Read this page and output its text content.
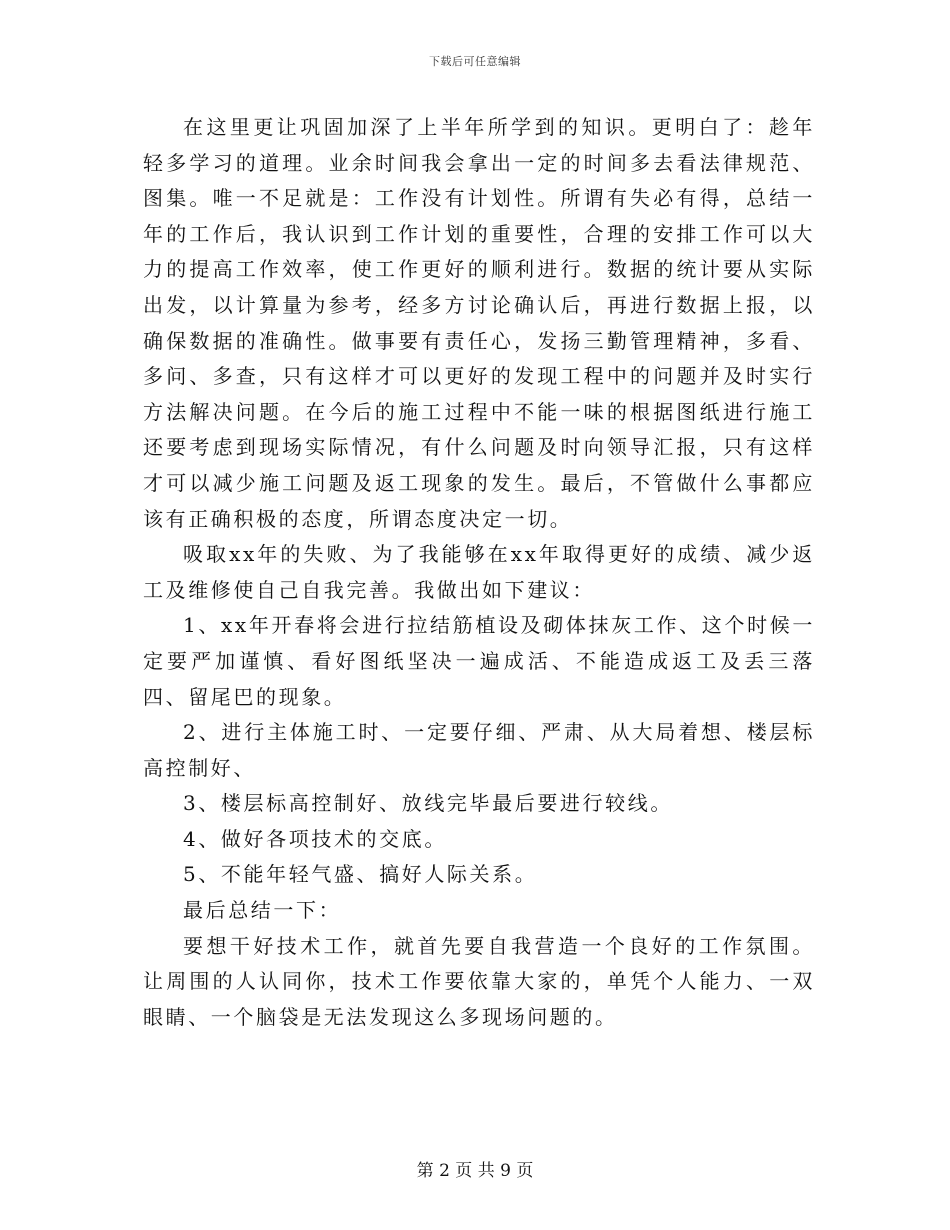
下载后可任意编辑

在这里更让巩固加深了上半年所学到的知识。更明白了：趁年轻多学习的道理。业余时间我会拿出一定的时间多去看法律规范、图集。唯一不足就是：工作没有计划性。所谓有失必有得，总结一年的工作后，我认识到工作计划的重要性，合理的安排工作可以大力的提高工作效率，使工作更好的顺利进行。数据的统计要从实际出发，以计算量为参考，经多方讨论确认后，再进行数据上报，以确保数据的准确性。做事要有责任心，发扬三勤管理精神，多看、多问、多查，只有这样才可以更好的发现工程中的问题并及时实行方法解决问题。在今后的施工过程中不能一味的根据图纸进行施工还要考虑到现场实际情况，有什么问题及时向领导汇报，只有这样才可以减少施工问题及返工现象的发生。最后，不管做什么事都应该有正确积极的态度，所谓态度决定一切。

吸取xx年的失败、为了我能够在xx年取得更好的成绩、减少返工及维修使自己自我完善。我做出如下建议：

1、xx年开春将会进行拉结筋植设及砌体抹灰工作、这个时候一定要严加谨慎、看好图纸坚决一遍成活、不能造成返工及丢三落四、留尾巴的现象。

2、进行主体施工时、一定要仔细、严肃、从大局着想、楼层标高控制好、

3、楼层标高控制好、放线完毕最后要进行较线。

4、做好各项技术的交底。

5、不能年轻气盛、搞好人际关系。

最后总结一下：

要想干好技术工作，就首先要自我营造一个良好的工作氛围。让周围的人认同你，技术工作要依靠大家的，单凭个人能力、一双眼睛、一个脑袋是无法发现这么多现场问题的。

第 2 页 共 9 页
